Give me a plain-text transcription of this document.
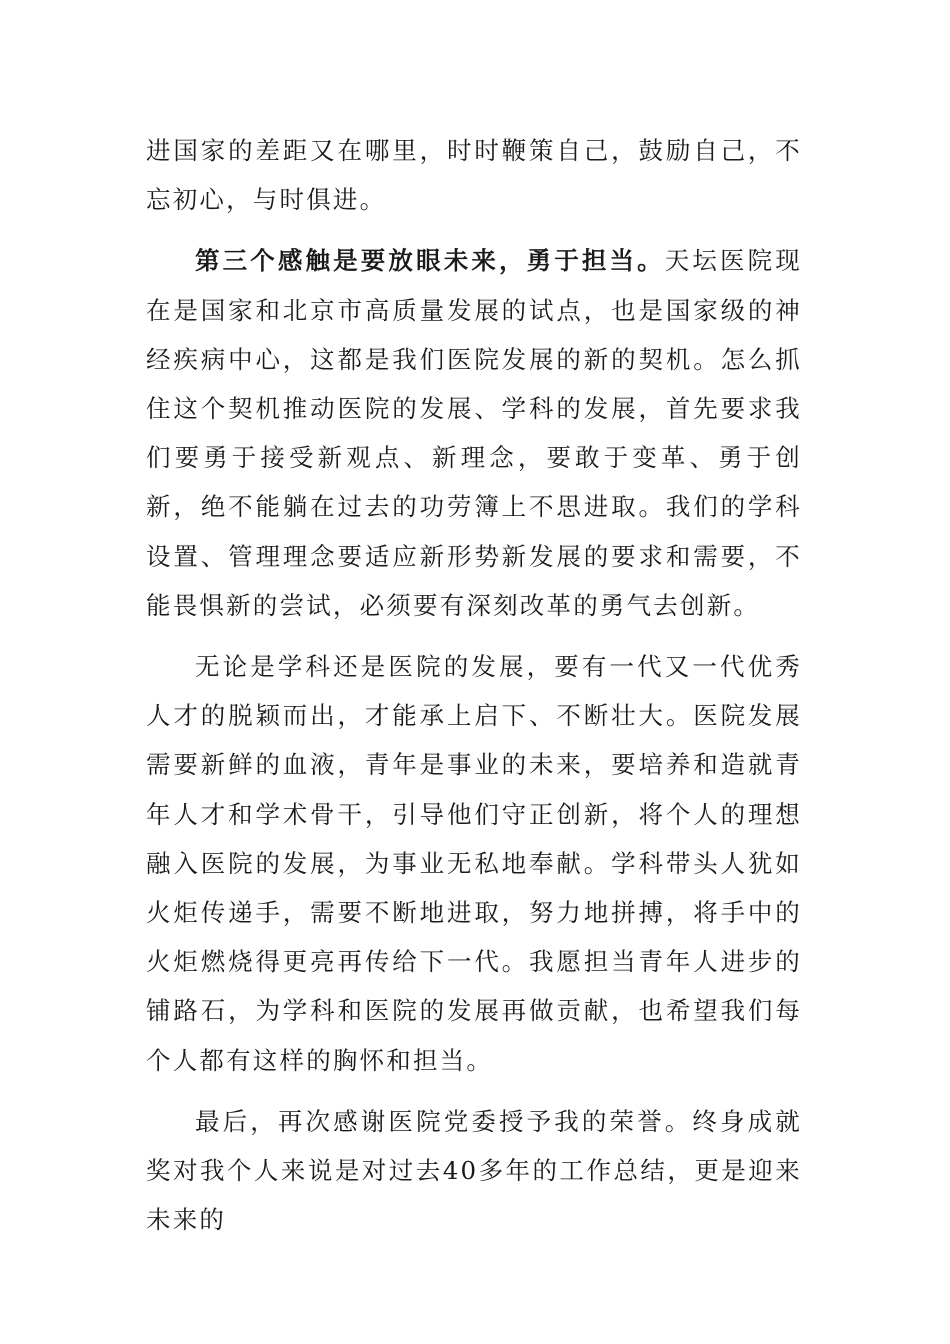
进国家的差距又在哪里，时时鞭策自己，鼓励自己，不忘初心，与时俱进。

第三个感触是要放眼未来，勇于担当。天坛医院现在是国家和北京市高质量发展的试点，也是国家级的神经疾病中心，这都是我们医院发展的新的契机。怎么抓住这个契机推动医院的发展、学科的发展，首先要求我们要勇于接受新观点、新理念，要敢于变革、勇于创新，绝不能躺在过去的功劳簿上不思进取。我们的学科设置、管理理念要适应新形势新发展的要求和需要，不能畏惧新的尝试，必须要有深刻改革的勇气去创新。

无论是学科还是医院的发展，要有一代又一代优秀人才的脱颖而出，才能承上启下、不断壮大。医院发展需要新鲜的血液，青年是事业的未来，要培养和造就青年人才和学术骨干，引导他们守正创新，将个人的理想融入医院的发展，为事业无私地奉献。学科带头人犹如火炬传递手，需要不断地进取，努力地拼搏，将手中的火炬燃烧得更亮再传给下一代。我愿担当青年人进步的铺路石，为学科和医院的发展再做贡献，也希望我们每个人都有这样的胸怀和担当。

最后，再次感谢医院党委授予我的荣誉。终身成就奖对我个人来说是对过去40多年的工作总结，更是迎来未来的
